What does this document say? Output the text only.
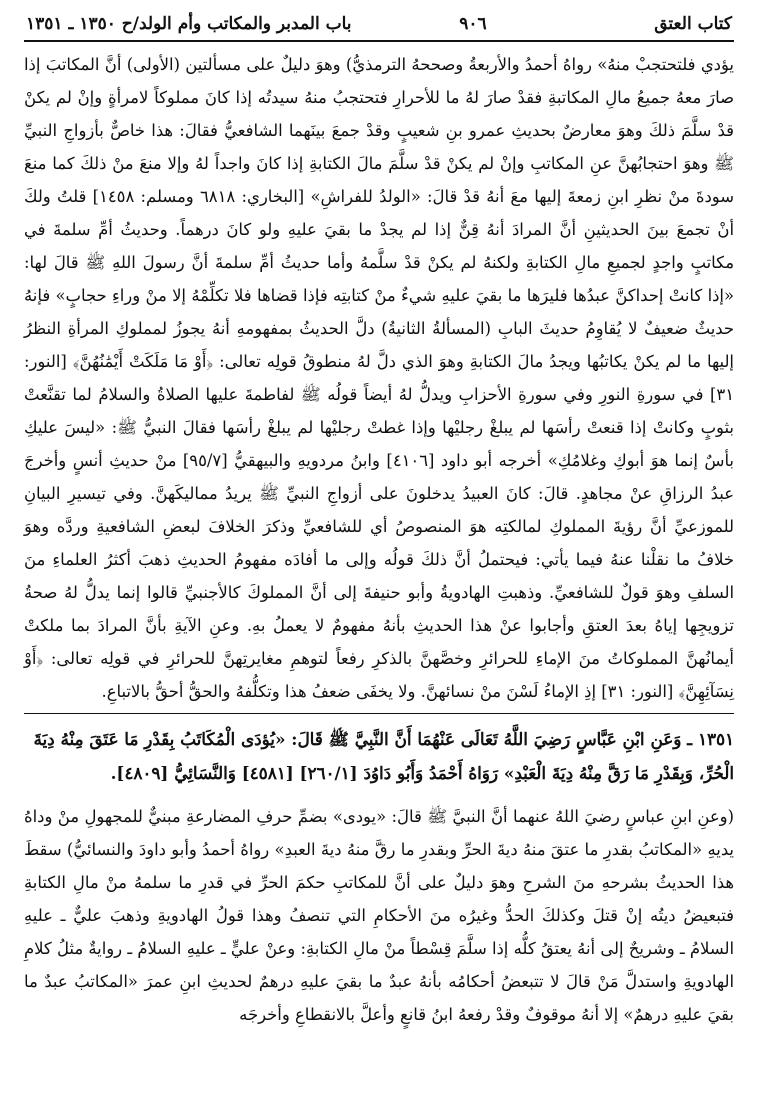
كتاب العتق
٩٠٦
باب المدبر والمكاتب وأم الولد/ح ١٣٥٠ ـ ١٣٥١

يؤدي فلتحتجبْ منهُ» رواهُ أحمدُ والأربعةُ وصححهُ الترمذيُّ) وهوَ دليلٌ على مسألتين (الأولى) أنَّ المكاتبَ إذا صارَ معهُ جميعُ مالِ المكاتبةِ فقدْ صارَ لهُ ما للأحرارِ فتحتجبُ منهُ سيدتُه إذا كانَ مملوكاً لامرأةٍ وإنْ لم يكنْ قدْ سلَّمَ ذلكَ وهوَ معارضٌ بحديثِ عمرو بنِ شعيبٍ وقدْ جمعَ بينَهما الشافعيُّ فقالَ: هذا خاصٌّ بأزواجِ النبيِّ ﷺ وهوَ احتجابُهنَّ عنِ المكاتبِ وإنْ لم يكنْ قدْ سلَّمَ مالَ الكتابةِ إذا كانَ واجداً لهُ وإلا منعَ منْ ذلكَ كما منعَ سودةَ منْ نظرِ ابنِ زمعةَ إليها معَ أنهُ قدْ قالَ: «الولدُ للفراشِ» [البخاري: ٦٨١٨ ومسلم: ١٤٥٨] قلتُ ولكَ أنْ تجمعَ بينَ الحديثينِ أنَّ المرادَ أنهُ قِنٌّ إذا لم يجدْ ما بقيَ عليهِ ولو كانَ درهماً. وحديثُ أمِّ سلمةَ في مكاتبٍ واجدٍ لجميعِ مالِ الكتابةِ ولكنهُ لم يكنْ قدْ سلَّمهُ وأما حديثُ أمِّ سلمةَ أنَّ رسولَ اللهِ ﷺ قالَ لها: «إذا كانتْ إحداكنَّ عبدُها فليرَها ما بقيَ عليهِ شيءٌ منْ كتابتِه فإذا قضاها فلا تكلِّمْهُ إلا منْ وراءِ حجابٍ» فإنهُ حديثٌ ضعيفٌ لا يُقاوِمُ حديثَ البابِ (المسألةُ الثانيةُ) دلَّ الحديثُ بمفهومهِ أنهُ يجوزُ لمملوكِ المرأةِ النظرُ إليها ما لم يكنْ يكاتبُها ويجدُ مالَ الكتابةِ وهوَ الذي دلَّ لهُ منطوقُ قولِه تعالى: ﴿أَوْ مَا مَلَكَتْ أَيْمَٰنُهُنَّ﴾ [النور: ٣١] في سورةِ النورِ وفي سورةِ الأحزابِ ويدلُّ لهُ أيضاً قولُه ﷺ لفاطمةَ عليها الصلاةُ والسلامُ لما تقنَّعتْ بثوبٍ وكانتْ إذا قنعتْ رأسَها لم يبلغْ رجليْها وإذا غطتْ رجليْها لم يبلغْ رأسَها فقالَ النبيُّ ﷺ: «ليسَ عليكِ بأسٌ إنما هوَ أبوكِ وغلامُكِ» أخرجه أبو داود [٤١٠٦] وابنُ مردويهِ والبيهقيُّ [٩٥/٧] منْ حديثِ أنسٍ وأخرجَ عبدُ الرزاقِ عنْ مجاهدٍ. قالَ: كانَ العبيدُ يدخلونَ على أزواجِ النبيِّ ﷺ يريدُ مماليكَهنَّ. وفي تيسيرِ البيانِ للموزعيِّ أنَّ رؤيةَ المملوكِ لمالكتِه هوَ المنصوصُ أي للشافعيِّ وذكرَ الخلافَ لبعضِ الشافعيةِ وردَّه وهوَ خلافُ ما نقلْنا عنهُ فيما يأتي: فيحتملُ أنَّ ذلكَ قولُه وإلى ما أفادَه مفهومُ الحديثِ ذهبَ أكثرُ العلماءِ منَ السلفِ وهوَ قولٌ للشافعيِّ. وذهبتِ الهادويةُ وأبو حنيفةَ إلى أنَّ المملوكَ كالأجنبيِّ قالوا إنما يدلُّ لهُ صحةُ تزويجِها إياهُ بعدَ العتقِ وأجابوا عنْ هذا الحديثِ بأنهُ مفهومٌ لا يعملُ بهِ. وعنِ الآيةِ بأنَّ المرادَ بما ملكتْ أيمانُهنَّ المملوكاتُ منَ الإماءِ للحرائرِ وخصَّهنَّ بالذكرِ رفعاً لتوهمِ مغايرتِهنَّ للحرائرِ في قولِه تعالى: ﴿أَوْ نِسَآئِهِنَّ﴾ [النور: ٣١] إذِ الإماءُ لَسْنَ منْ نسائهنَّ. ولا يخفَى ضعفُ هذا وتكلُّفهُ والحقُّ أحقُّ بالاتباعِ.

١٣٥١ ـ وَعَنِ ابْنِ عَبَّاسٍ رَضِيَ اللَّهُ تَعَالَى عَنْهُمَا أَنَّ النَّبِيَّ ﷺ قَالَ: «يُؤدَى الْمُكَاتَبُ بِقَدْرِ مَا عَتَقَ مِنْهُ دِيَةَ الْحُرِّ، وَبِقَدْرِ مَا رَقَّ مِنْهُ دِيَةَ الْعَبْدِ» رَوَاهُ أَحْمَدُ وَأَبُو دَاوُدَ [٢٦٠/١] [٤٥٨١] وَالنَّسَائِيُّ [٤٨٠٩].

(وعنِ ابنِ عباسٍ رضيَ اللهُ عنهما أنَّ النبيَّ ﷺ قالَ: «يودى» بضمِّ حرفِ المضارعةِ مبنيٌّ للمجهولِ منْ وداهُ يديهِ «المكاتبُ بقدرِ ما عتقَ منهُ ديةَ الحرِّ وبقدرِ ما رقَّ منهُ ديةَ العبدِ» رواهُ أحمدُ وأبو داودَ والنسائيُّ) سقطَ هذا الحديثُ بشرحهِ منَ الشرحِ وهوَ دليلٌ على أنَّ للمكاتبِ حكمَ الحرِّ في قدرِ ما سلمهُ منْ مالِ الكتابةِ فتبعيضُ ديتُه إنْ قتلَ وكذلكَ الحدُّ وغيرُه منَ الأحكامِ التي تنصفُ وهذا قولُ الهادويةِ وذهبَ عليٌّ ـ عليهِ السلامُ ـ وشريحٌ إلى أنهُ يعتقُ كلُّه إذا سلَّمَ قِسْطاً منْ مالِ الكتابةِ: وعنْ عليٍّ ـ عليهِ السلامُ ـ روايةٌ مثلُ كلامِ الهادويةِ واستدلَّ مَنْ قالَ لا تتبعضُ أحكامُه بأنهُ عبدٌ ما بقيَ عليهِ درهمٌ لحديثِ ابنِ عمرَ «المكاتبُ عبدٌ ما بقيَ عليهِ درهمٌ» إلا أنهُ موقوفٌ وقدْ رفعهُ ابنُ قانعٍ وأعلَّ بالانقطاعِ وأخرجَه
